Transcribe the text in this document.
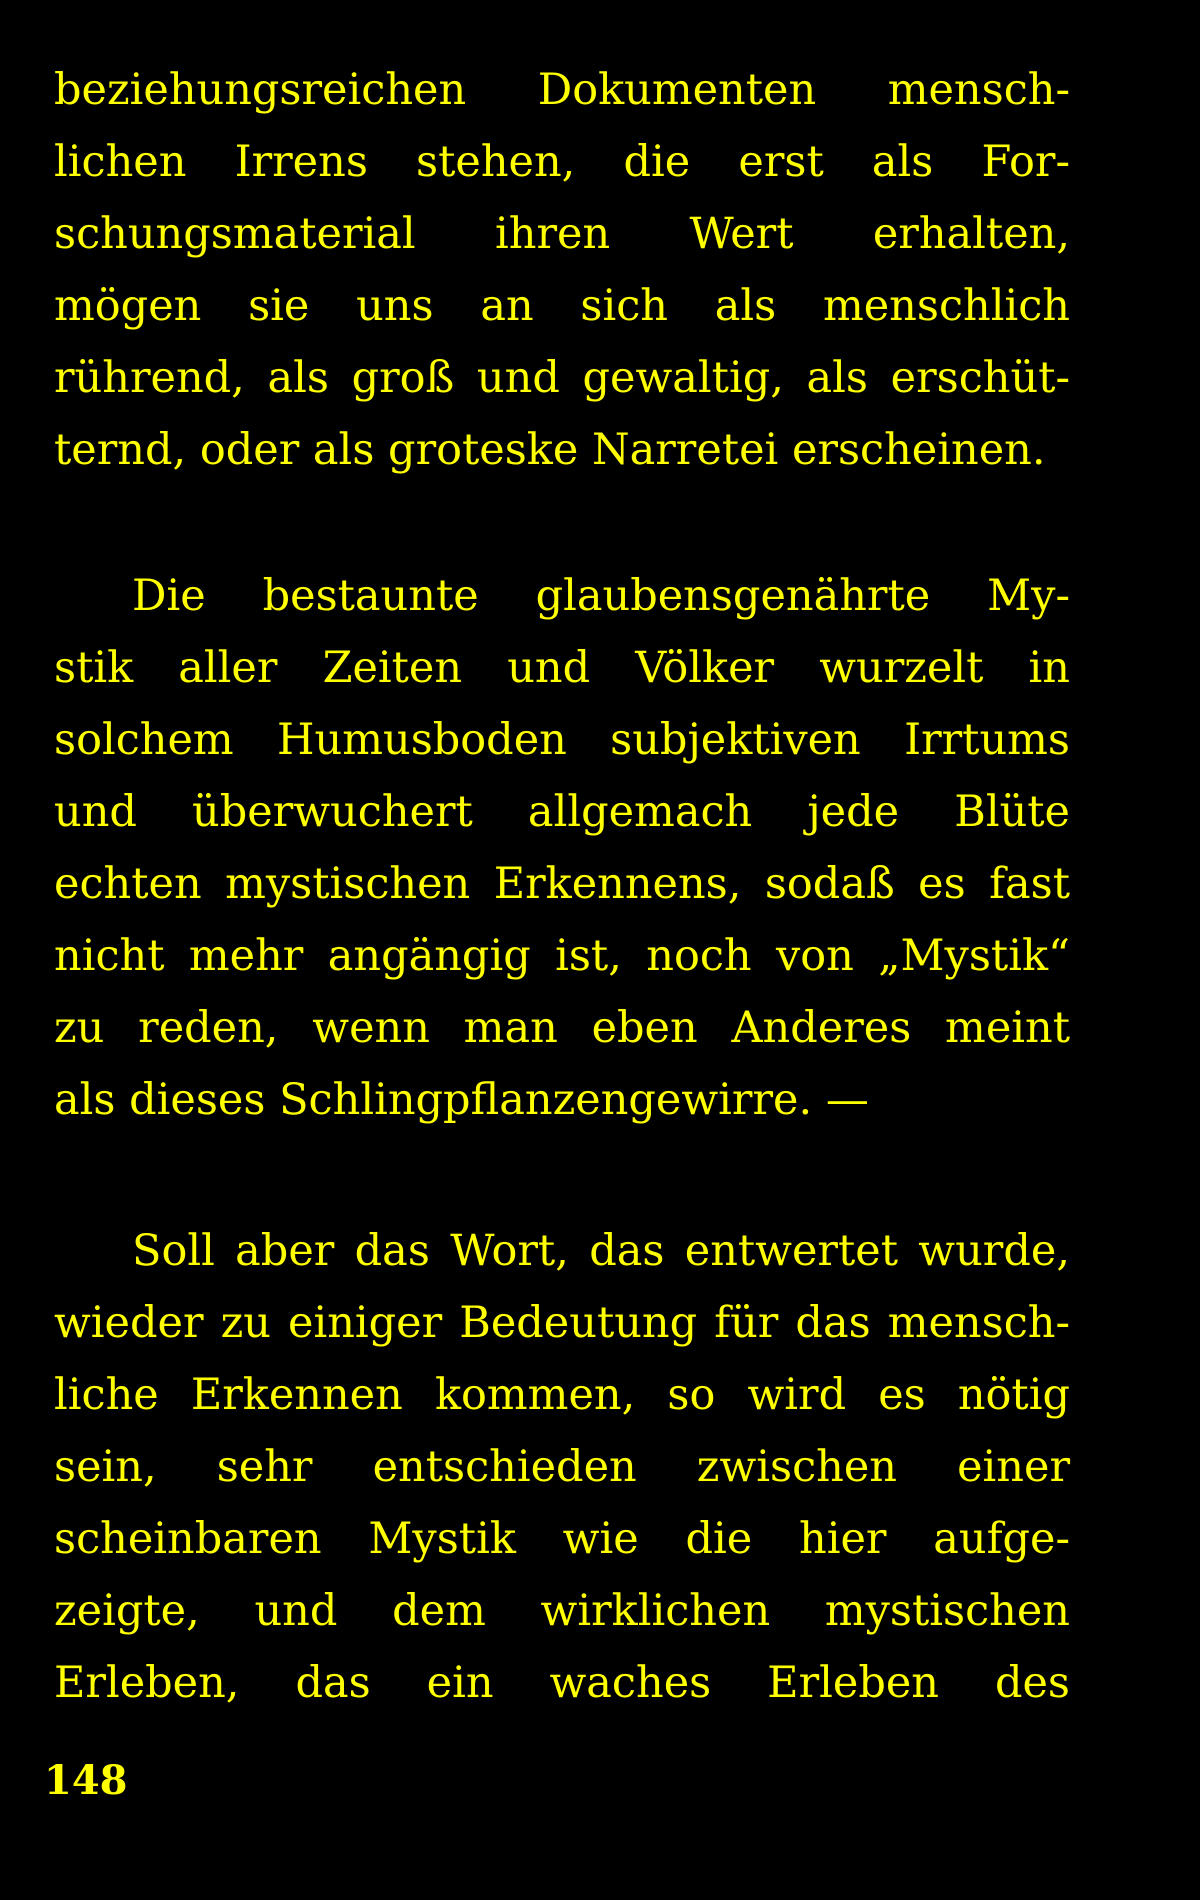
beziehungsreichen Dokumenten mensch-
lichen Irrens stehen, die erst als For-
schungsmaterial ihren Wert erhalten,
mögen sie uns an sich als menschlich
rührend, als groß und gewaltig, als erschüt-
ternd, oder als groteske Narretei erscheinen.

Die bestaunte glaubensgenährte My-
stik aller Zeiten und Völker wurzelt in
solchem Humusboden subjektiven Irrtums
und überwuchert allgemach jede Blüte
echten mystischen Erkennens, sodaß es fast
nicht mehr angängig ist, noch von „Mystik“
zu reden, wenn man eben Anderes meint
als dieses Schlingpflanzengewirre. —

Soll aber das Wort, das entwertet wurde,
wieder zu einiger Bedeutung für das mensch-
liche Erkennen kommen, so wird es nötig
sein, sehr entschieden zwischen einer
scheinbaren Mystik wie die hier aufge-
zeigte, und dem wirklichen mystischen
Erleben, das ein waches Erleben des

148
